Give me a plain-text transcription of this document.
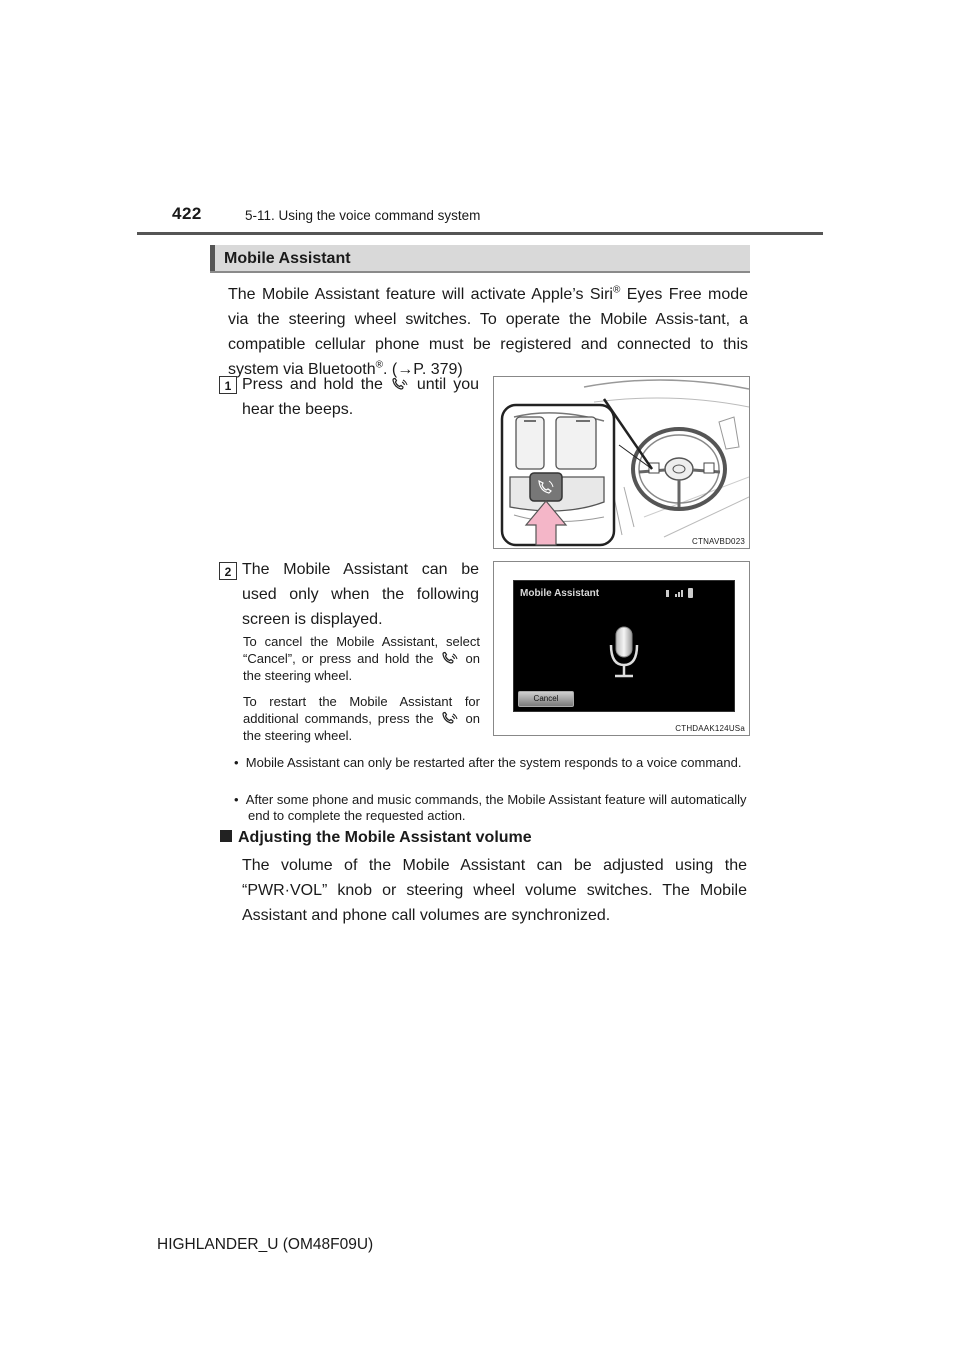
422	5-11. Using the voice command system
Mobile Assistant
The Mobile Assistant feature will activate Apple’s Siri® Eyes Free mode via the steering wheel switches. To operate the Mobile Assis-tant, a compatible cellular phone must be registered and connected to this system via Bluetooth®. (→P. 379)
1 Press and hold the  until you hear the beeps.
CTNAVBD023
2 The Mobile Assistant can be used only when the following screen is displayed.
To cancel the Mobile Assistant, select “Cancel”, or press and hold the  on the steering wheel.
To restart the Mobile Assistant for additional commands, press the  on the steering wheel.
Mobile Assistant
Cancel
CTHDAAK124USa
•  Mobile Assistant can only be restarted after the system responds to a voice command.
•  After some phone and music commands, the Mobile Assistant feature will automatically end to complete the requested action.
Adjusting the Mobile Assistant volume
The volume of the Mobile Assistant can be adjusted using the “PWR·VOL” knob or steering wheel volume switches. The Mobile Assistant and phone call volumes are synchronized.
HIGHLANDER_U (OM48F09U)
